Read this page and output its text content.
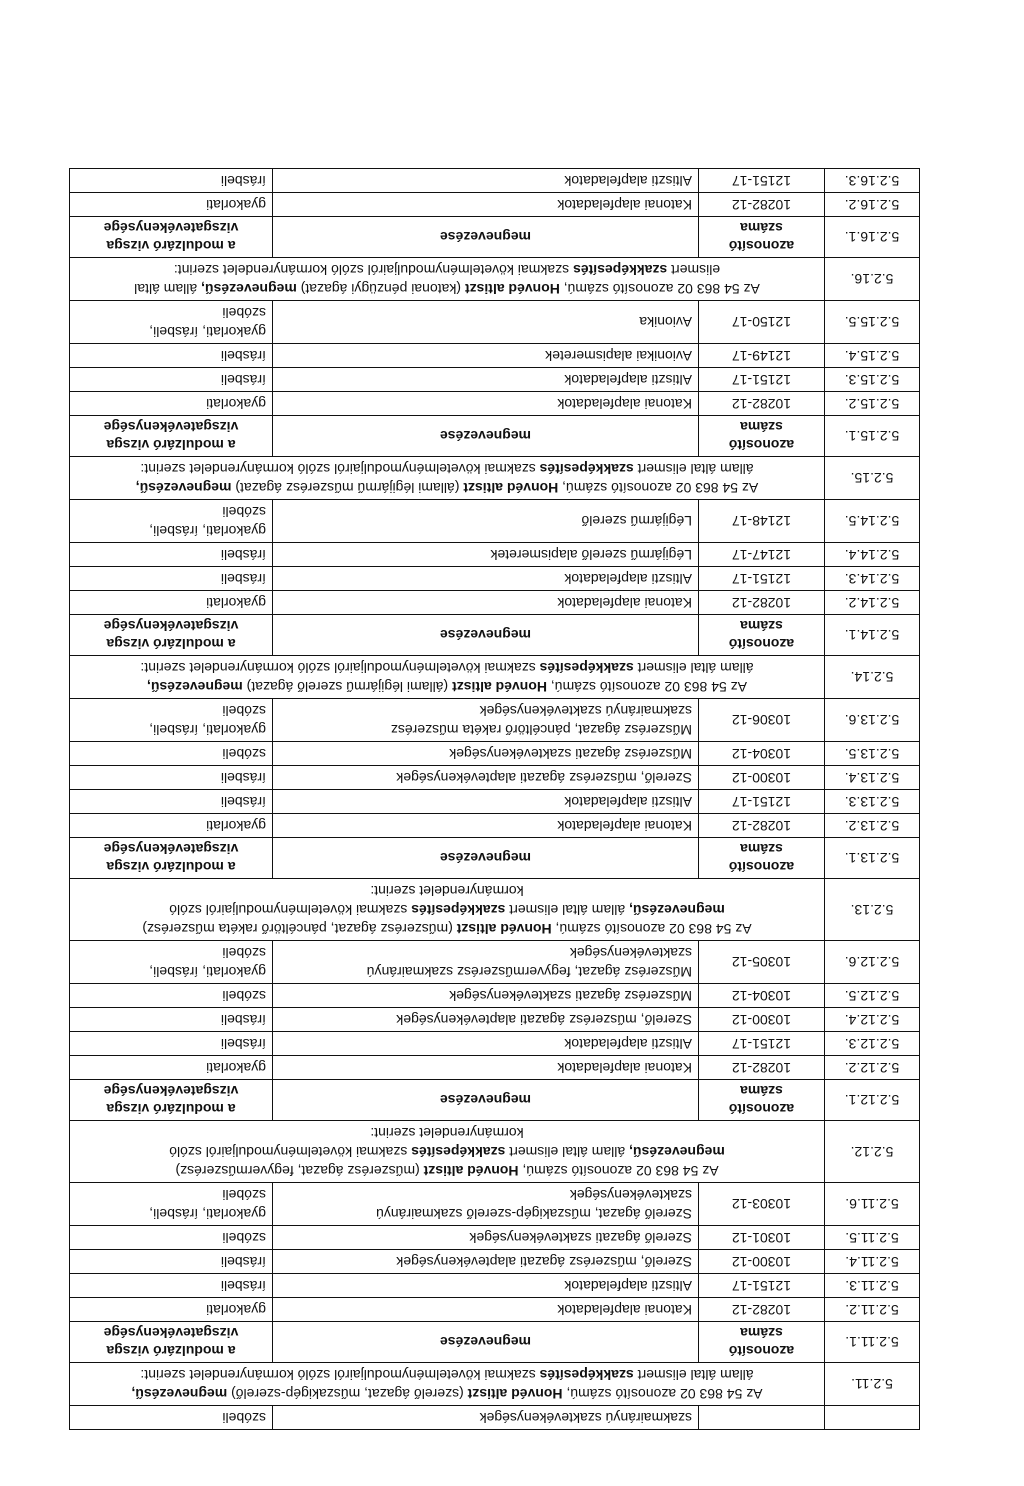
		szakmairányú szaktevékenységek	szóbeli

5.2.11.	Az 54 863 02 azonosító számú, Honvéd altiszt (szerelő ágazat, műszakigép-szerelő) megnevezésű,
állam által elismert szakképesítés szakmai követelménymoduljairól szóló kormányrendelet szerint:		

5.2.11.1.	azonosító
száma	megnevezése	a modulzáró vizsga
vizsgatevékenysége

5.2.11.2.	10282-12	Katonai alapfeladatok	gyakorlati

5.2.11.3.	12151-17	Altiszti alapfeladatok	írásbeli

5.2.11.4.	10300-12	Szerelő, műszerész ágazati alaptevékenységek	írásbeli

5.2.11.5.	10301-12	Szerelő ágazati szaktevékenységek	szóbeli

5.2.11.6.	10303-12	Szerelő ágazat, műszakigép-szerelő szakmairányú
szaktevékenységek	gyakorlati, írásbeli,
szóbeli

5.2.12.	Az 54 863 02 azonosító számú, Honvéd altiszt (műszerész ágazat, fegyverműszerész)
megnevezésű, állam által elismert szakképesítés szakmai követelménymoduljairól szóló
kormányrendelet szerint:		

5.2.12.1.	azonosító
száma	megnevezése	a modulzáró vizsga
vizsgatevékenysége

5.2.12.2.	10282-12	Katonai alapfeladatok	gyakorlati

5.2.12.3.	12151-17	Altiszti alapfeladatok	írásbeli

5.2.12.4.	10300-12	Szerelő, műszerész ágazati alaptevékenységek	írásbeli

5.2.12.5.	10304-12	Műszerész ágazati szaktevékenységek	szóbeli

5.2.12.6.	10305-12	Műszerész ágazat, fegyverműszerész szakmairányú
szaktevékenységek	gyakorlati, írásbeli,
szóbeli

5.2.13.	Az 54 863 02 azonosító számú, Honvéd altiszt (műszerész ágazat, páncéltörő rakéta műszerész)
megnevezésű, állam által elismert szakképesítés szakmai követelménymoduljairól szóló
kormányrendelet szerint:		

5.2.13.1.	azonosító
száma	megnevezése	a modulzáró vizsga
vizsgatevékenysége

5.2.13.2.	10282-12	Katonai alapfeladatok	gyakorlati

5.2.13.3.	12151-17	Altiszti alapfeladatok	írásbeli

5.2.13.4.	10300-12	Szerelő, műszerész ágazati alaptevékenységek	írásbeli

5.2.13.5.	10304-12	Műszerész ágazati szaktevékenységek	szóbeli

5.2.13.6.	10306-12	Műszerész ágazat, páncéltörő rakéta műszerész
szakmairányú szaktevékenységek	gyakorlati, írásbeli,
szóbeli

5.2.14.	Az 54 863 02 azonosító számú, Honvéd altiszt (állami légijármű szerelő ágazat) megnevezésű,
állam által elismert szakképesítés szakmai követelménymoduljairól szóló kormányrendelet szerint:		

5.2.14.1.	azonosító
száma	megnevezése	a modulzáró vizsga
vizsgatevékenysége

5.2.14.2.	10282-12	Katonai alapfeladatok	gyakorlati

5.2.14.3.	12151-17	Altiszti alapfeladatok	írásbeli

5.2.14.4.	12147-17	Légijármű szerelő alapismeretek	írásbeli

5.2.14.5.	12148-17	Légijármű szerelő	gyakorlati, írásbeli,
szóbeli

5.2.15.	Az 54 863 02 azonosító számú, Honvéd altiszt (állami légijármű műszerész ágazat) megnevezésű,
állam által elismert szakképesítés szakmai követelménymoduljairól szóló kormányrendelet szerint:		

5.2.15.1.	azonosító
száma	megnevezése	a modulzáró vizsga
vizsgatevékenysége

5.2.15.2.	10282-12	Katonai alapfeladatok	gyakorlati

5.2.15.3.	12151-17	Altiszti alapfeladatok	írásbeli

5.2.15.4.	12149-17	Avionikai alapismeretek	írásbeli

5.2.15.5.	12150-17	Avionika	gyakorlati, írásbeli,
szóbeli

5.2.16.	Az 54 863 02 azonosító számú, Honvéd altiszt (katonai pénzügyi ágazat) megnevezésű, állam által
elismert szakképesítés szakmai követelménymoduljairól szóló kormányrendelet szerint:		

5.2.16.1.	azonosító
száma	megnevezése	a modulzáró vizsga
vizsgatevékenysége

5.2.16.2.	10282-12	Katonai alapfeladatok	gyakorlati

5.2.16.3.	12151-17	Altiszti alapfeladatok	írásbeli
